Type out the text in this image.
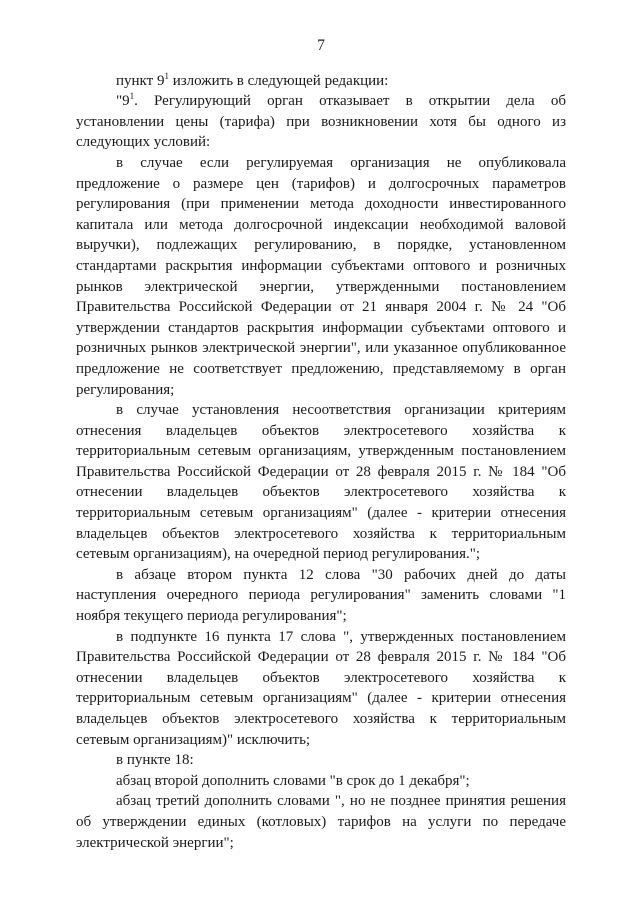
7

пункт $9^1$ изложить в следующей редакции:

"$9^1$. Регулирующий орган отказывает в открытии дела об установлении цены (тарифа) при возникновении хотя бы одного из следующих условий:

в случае если регулируемая организация не опубликовала предложение о размере цен (тарифов) и долгосрочных параметров регулирования (при применении метода доходности инвестированного капитала или метода долгосрочной индексации необходимой валовой выручки), подлежащих регулированию, в порядке, установленном стандартами раскрытия информации субъектами оптового и розничных рынков электрической энергии, утвержденными постановлением Правительства Российской Федерации от 21 января 2004 г. № 24 "Об утверждении стандартов раскрытия информации субъектами оптового и розничных рынков электрической энергии", или указанное опубликованное предложение не соответствует предложению, представляемому в орган регулирования;

в случае установления несоответствия организации критериям отнесения владельцев объектов электросетевого хозяйства к территориальным сетевым организациям, утвержденным постановлением Правительства Российской Федерации от 28 февраля 2015 г. № 184 "Об отнесении владельцев объектов электросетевого хозяйства к территориальным сетевым организациям" (далее - критерии отнесения владельцев объектов электросетевого хозяйства к территориальным сетевым организациям), на очередной период регулирования.";

в абзаце втором пункта 12 слова "30 рабочих дней до даты наступления очередного периода регулирования" заменить словами "1 ноября текущего периода регулирования";

в подпункте 16 пункта 17 слова ", утвержденных постановлением Правительства Российской Федерации от 28 февраля 2015 г. № 184 "Об отнесении владельцев объектов электросетевого хозяйства к территориальным сетевым организациям" (далее - критерии отнесения владельцев объектов электросетевого хозяйства к территориальным сетевым организациям)" исключить;

в пункте 18:

абзац второй дополнить словами "в срок до 1 декабря";

абзац третий дополнить словами ", но не позднее принятия решения об утверждении единых (котловых) тарифов на услуги по передаче электрической энергии";
